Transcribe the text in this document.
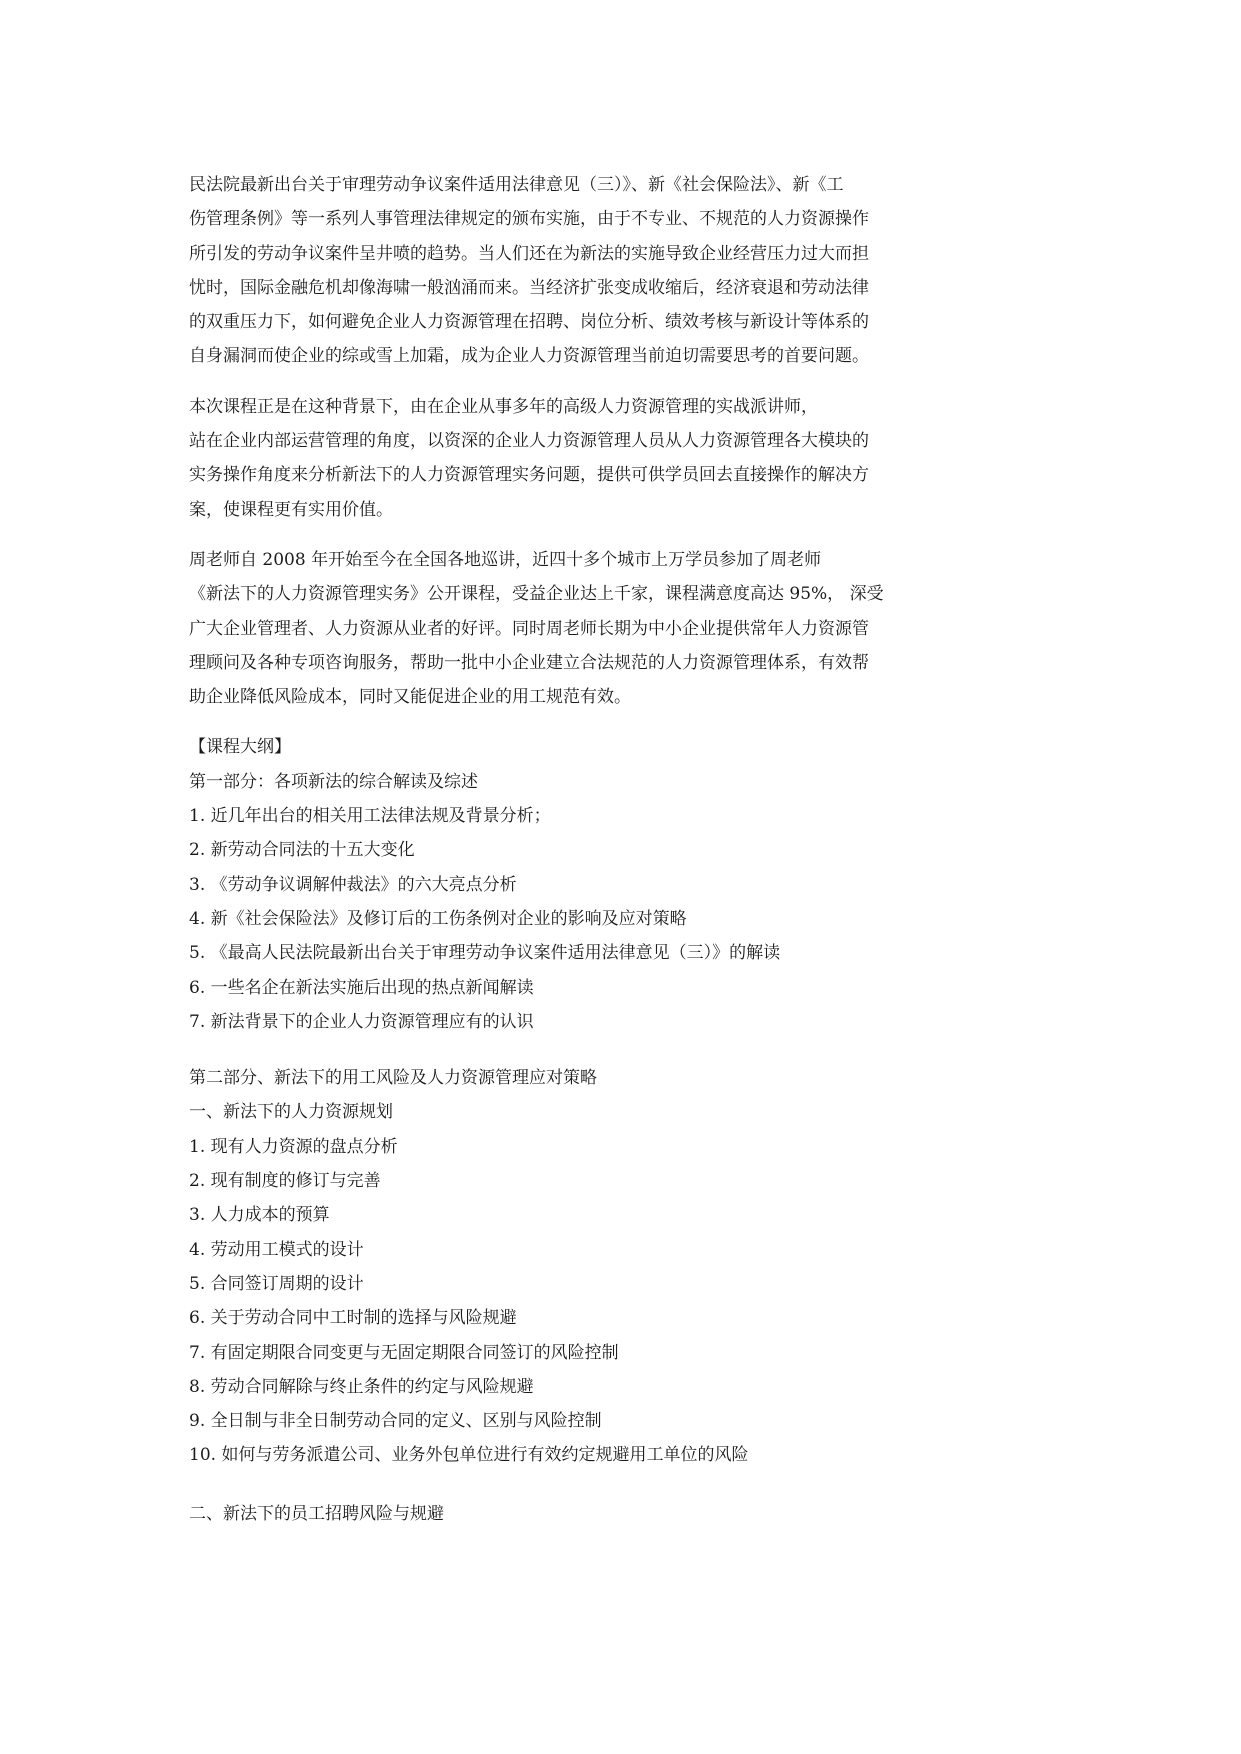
民法院最新出台关于审理劳动争议案件适用法律意见（三）》、新《社会保险法》、新《工
伤管理条例》等一系列人事管理法律规定的颁布实施，由于不专业、不规范的人力资源操作
所引发的劳动争议案件呈井喷的趋势。当人们还在为新法的实施导致企业经营压力过大而担
忧时，国际金融危机却像海啸一般汹涌而来。当经济扩张变成收缩后，经济衰退和劳动法律
的双重压力下，如何避免企业人力资源管理在招聘、岗位分析、绩效考核与新设计等体系的
自身漏洞而使企业的综或雪上加霜，成为企业人力资源管理当前迫切需要思考的首要问题。
本次课程正是在这种背景下，由在企业从事多年的高级人力资源管理的实战派讲师，
站在企业内部运营管理的角度，以资深的企业人力资源管理人员从人力资源管理各大模块的
实务操作角度来分析新法下的人力资源管理实务问题，提供可供学员回去直接操作的解决方
案，使课程更有实用价值。
周老师自 2008 年开始至今在全国各地巡讲，近四十多个城市上万学员参加了周老师
《新法下的人力资源管理实务》公开课程，受益企业达上千家，课程满意度高达 95%， 深受
广大企业管理者、人力资源从业者的好评。同时周老师长期为中小企业提供常年人力资源管
理顾问及各种专项咨询服务，帮助一批中小企业建立合法规范的人力资源管理体系，有效帮
助企业降低风险成本，同时又能促进企业的用工规范有效。
【课程大纲】
第一部分：各项新法的综合解读及综述
1. 近几年出台的相关用工法律法规及背景分析；
2. 新劳动合同法的十五大变化
3. 《劳动争议调解仲裁法》的六大亮点分析
4. 新《社会保险法》及修订后的工伤条例对企业的影响及应对策略
5. 《最高人民法院最新出台关于审理劳动争议案件适用法律意见（三）》的解读
6. 一些名企在新法实施后出现的热点新闻解读
7. 新法背景下的企业人力资源管理应有的认识
第二部分、新法下的用工风险及人力资源管理应对策略
一、新法下的人力资源规划
1. 现有人力资源的盘点分析
2. 现有制度的修订与完善
3. 人力成本的预算
4. 劳动用工模式的设计
5. 合同签订周期的设计
6. 关于劳动合同中工时制的选择与风险规避
7. 有固定期限合同变更与无固定期限合同签订的风险控制
8. 劳动合同解除与终止条件的约定与风险规避
9. 全日制与非全日制劳动合同的定义、区别与风险控制
10. 如何与劳务派遣公司、业务外包单位进行有效约定规避用工单位的风险
二、新法下的员工招聘风险与规避
